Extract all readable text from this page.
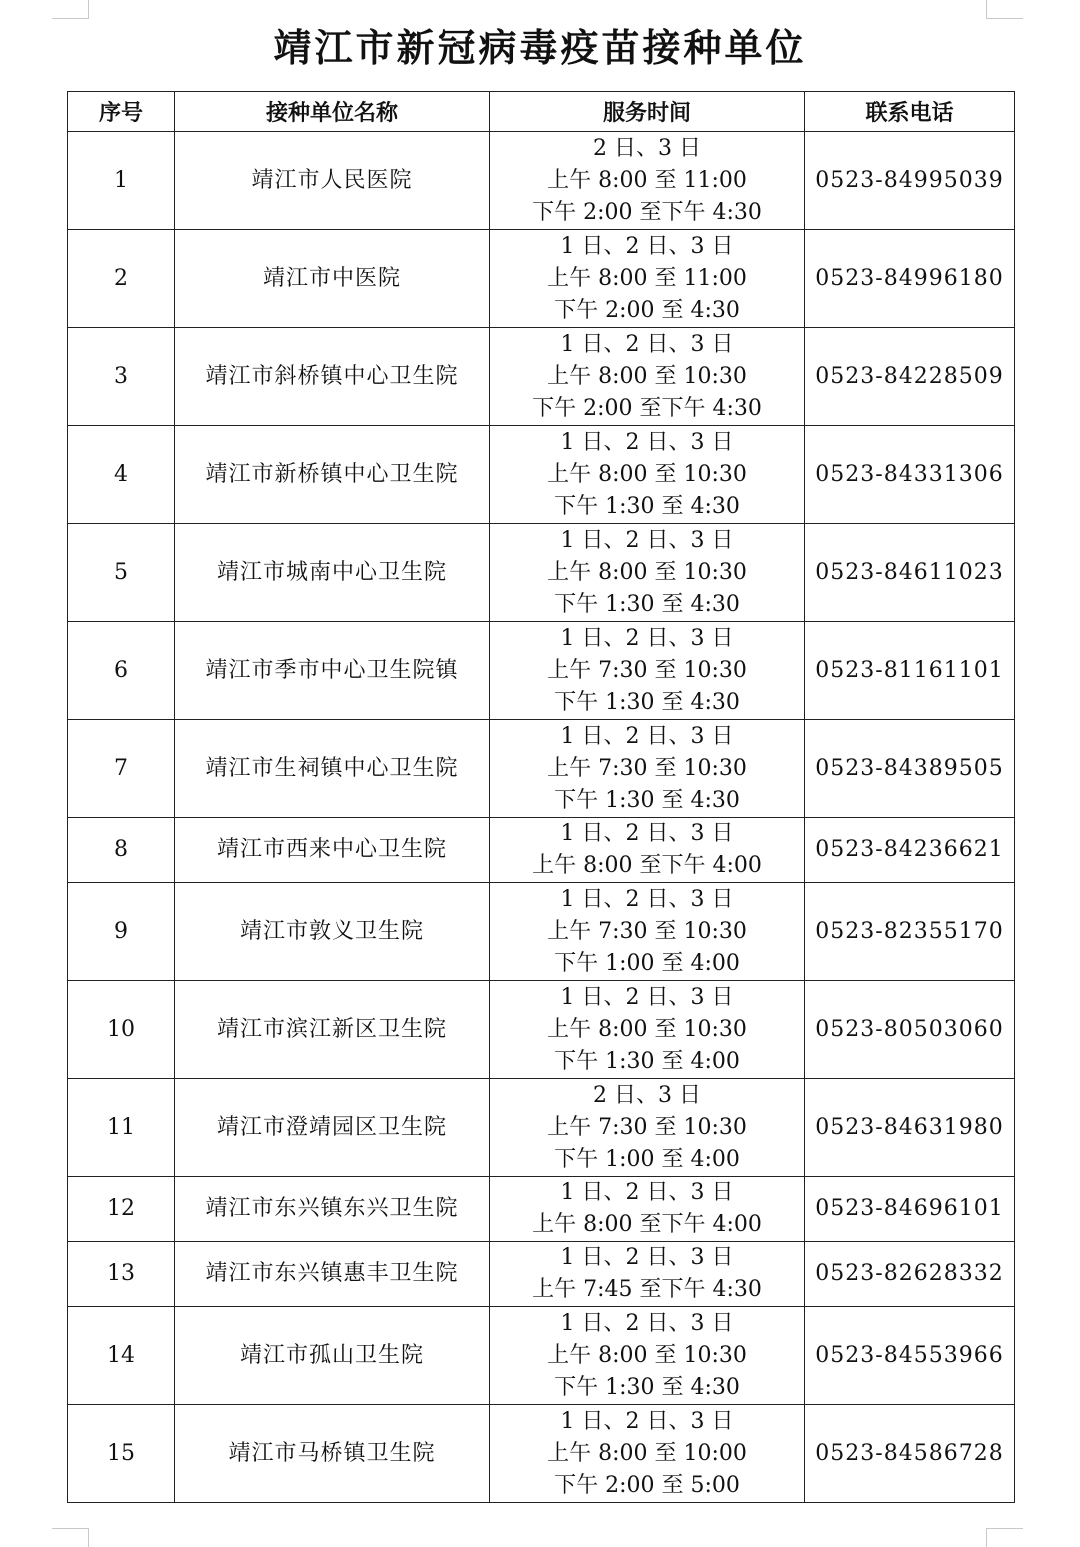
靖江市新冠病毒疫苗接种单位
序号	接种单位名称	服务时间	联系电话
1	靖江市人民医院	2 日、3 日
上午 8:00 至 11:00
下午 2:00 至下午 4:30	0523-84995039
2	靖江市中医院	1 日、2 日、3 日
上午 8:00 至 11:00
下午 2:00 至 4:30	0523-84996180
3	靖江市斜桥镇中心卫生院	1 日、2 日、3 日
上午 8:00 至 10:30
下午 2:00 至下午 4:30	0523-84228509
4	靖江市新桥镇中心卫生院	1 日、2 日、3 日
上午 8:00 至 10:30
下午 1:30 至 4:30	0523-84331306
5	靖江市城南中心卫生院	1 日、2 日、3 日
上午 8:00 至 10:30
下午 1:30 至 4:30	0523-84611023
6	靖江市季市中心卫生院镇	1 日、2 日、3 日
上午 7:30 至 10:30
下午 1:30 至 4:30	0523-81161101
7	靖江市生祠镇中心卫生院	1 日、2 日、3 日
上午 7:30 至 10:30
下午 1:30 至 4:30	0523-84389505
8	靖江市西来中心卫生院	1 日、2 日、3 日
上午 8:00 至下午 4:00	0523-84236621
9	靖江市敦义卫生院	1 日、2 日、3 日
上午 7:30 至 10:30
下午 1:00 至 4:00	0523-82355170
10	靖江市滨江新区卫生院	1 日、2 日、3 日
上午 8:00 至 10:30
下午 1:30 至 4:00	0523-80503060
11	靖江市澄靖园区卫生院	2 日、3 日
上午 7:30 至 10:30
下午 1:00 至 4:00	0523-84631980
12	靖江市东兴镇东兴卫生院	1 日、2 日、3 日
上午 8:00 至下午 4:00	0523-84696101
13	靖江市东兴镇惠丰卫生院	1 日、2 日、3 日
上午 7:45 至下午 4:30	0523-82628332
14	靖江市孤山卫生院	1 日、2 日、3 日
上午 8:00 至 10:30
下午 1:30 至 4:30	0523-84553966
15	靖江市马桥镇卫生院	1 日、2 日、3 日
上午 8:00 至 10:00
下午 2:00 至 5:00	0523-84586728
